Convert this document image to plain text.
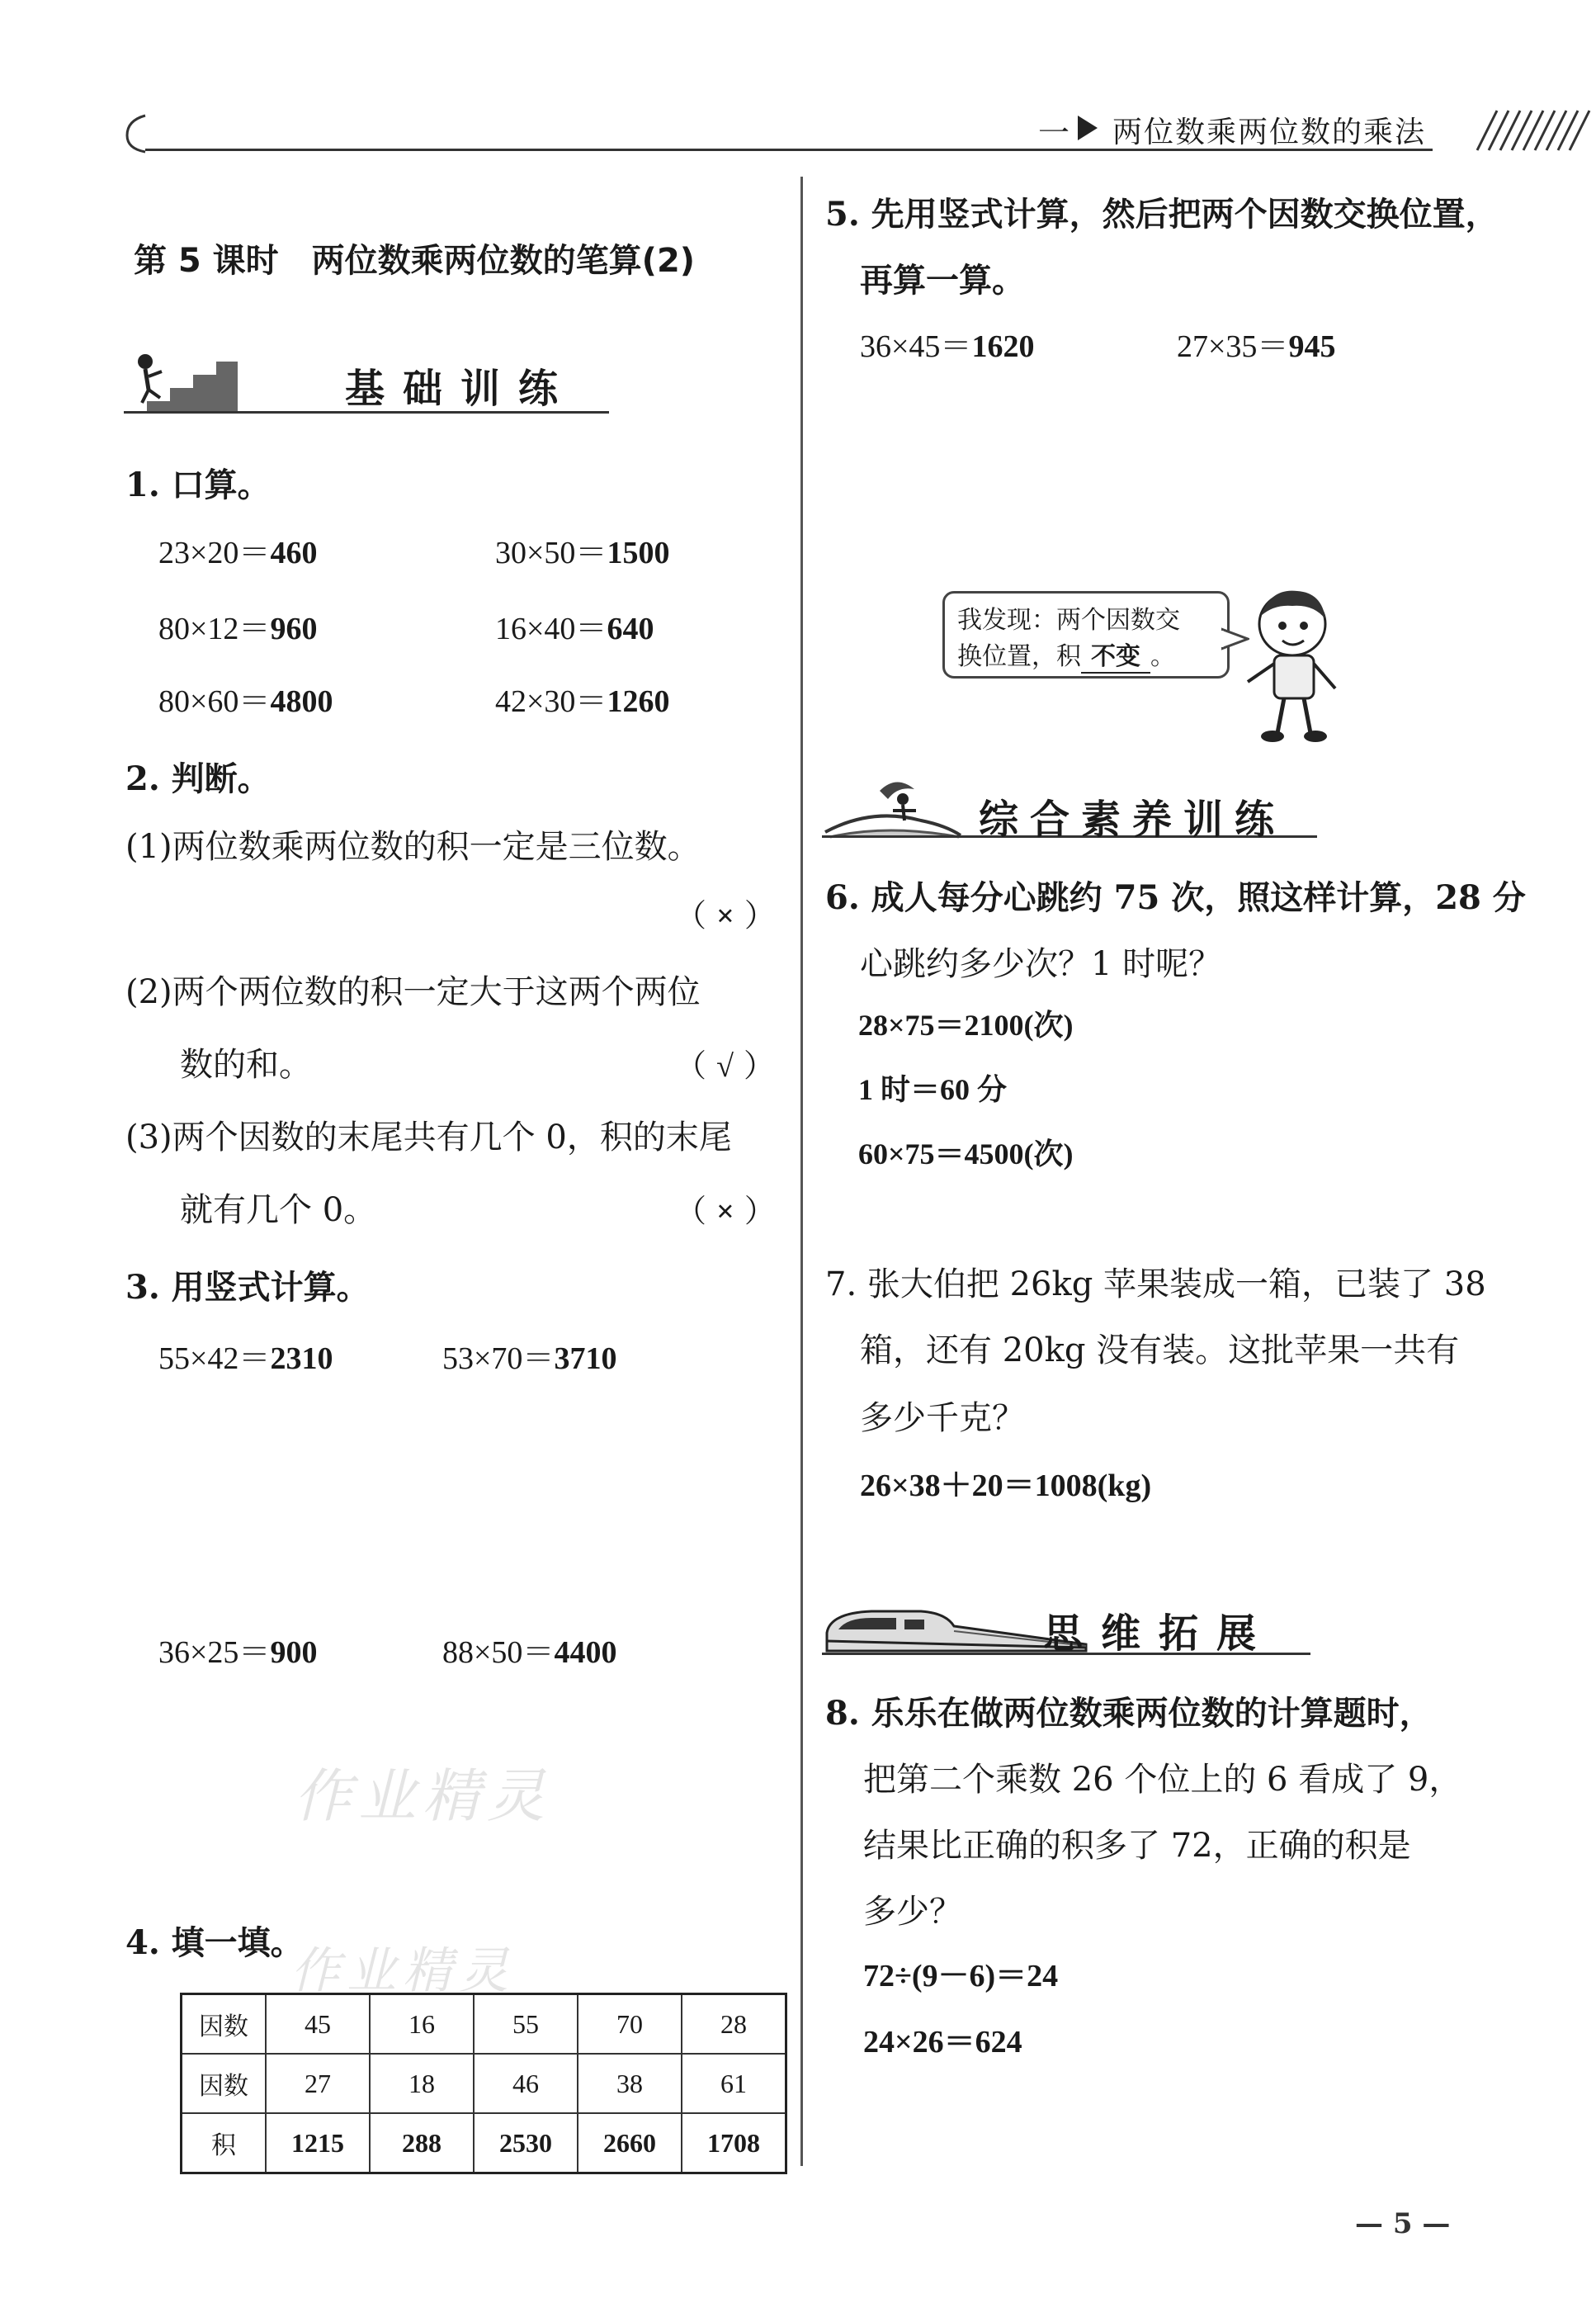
一 两位数乘两位数的乘法
第 5 课时　两位数乘两位数的笔算(2)
基础训练
1. 口算。
23×20＝460	30×50＝1500
80×12＝960	16×40＝640
80×60＝4800	42×30＝1260
2. 判断。
(1)两位数乘两位数的积一定是三位数。
（ × ）
(2)两个两位数的积一定大于这两个两位
数的和。	（ √ ）
(3)两个因数的末尾共有几个 0，积的末尾
就有几个 0。	（ × ）
3. 用竖式计算。
55×42＝2310	53×70＝3710
36×25＝900	88×50＝4400
作业精灵
作业精灵
4. 填一填。
因数	45	16	55	70	28
因数	27	18	46	38	61
积	1215	288	2530	2660	1708
5. 先用竖式计算，然后把两个因数交换位置，
再算一算。
36×45＝1620	27×35＝945
我发现：两个因数交
换位置，积 不变 。
综合素养训练
6. 成人每分心跳约 75 次，照这样计算，28 分
心跳约多少次？1 时呢？
28×75＝2100(次)
1 时＝60 分
60×75＝4500(次)
7. 张大伯把 26kg 苹果装成一箱，已装了 38
箱，还有 20kg 没有装。这批苹果一共有
多少千克？
26×38＋20＝1008(kg)
思维拓展
8. 乐乐在做两位数乘两位数的计算题时，
把第二个乘数 26 个位上的 6 看成了 9，
结果比正确的积多了 72，正确的积是
多少？
72÷(9－6)＝24
24×26＝624
— 5 —
